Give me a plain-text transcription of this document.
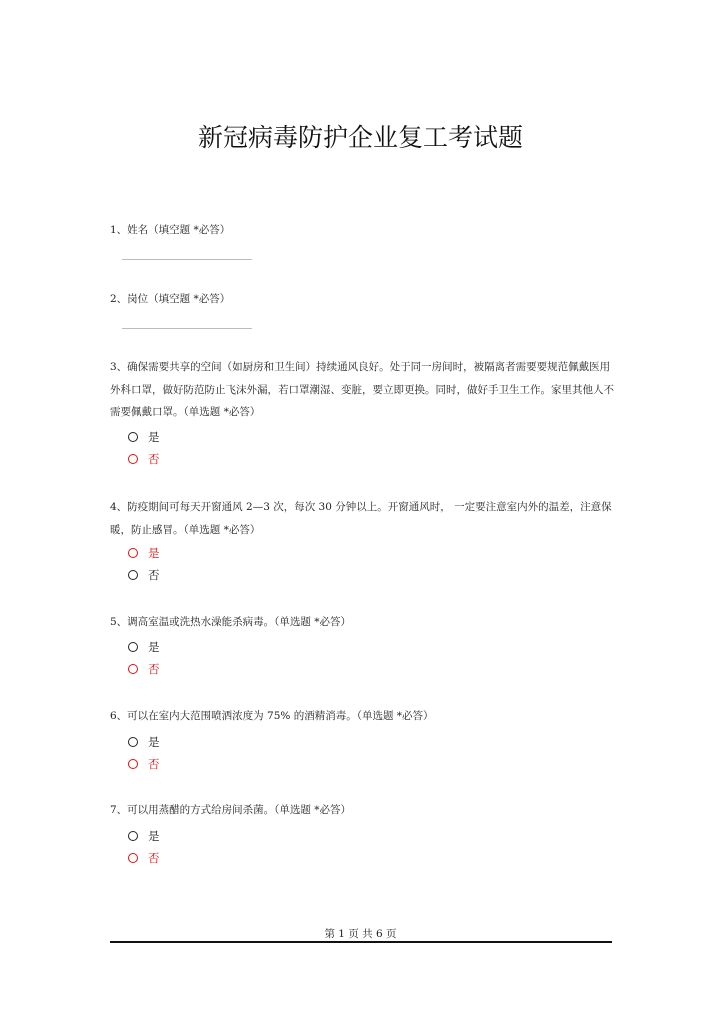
新冠病毒防护企业复工考试题
1、姓名（填空题 *必答）
2、岗位（填空题 *必答）
3、确保需要共享的空间（如厨房和卫生间）持续通风良好。处于同一房间时，被隔离者需要要规范佩戴医用外科口罩，做好防范防止飞沫外漏，若口罩潮湿、变脏，要立即更换。同时，做好手卫生工作。家里其他人不需要佩戴口罩。（单选题 *必答）
是
否
4、防疫期间可每天开窗通风 2—3 次，每次 30 分钟以上。开窗通风时， 一定要注意室内外的温差，注意保暖，防止感冒。（单选题 *必答）
是
否
5、调高室温或洗热水澡能杀病毒。（单选题 *必答）
是
否
6、可以在室内大范围喷洒浓度为 75% 的酒精消毒。（单选题 *必答）
是
否
7、可以用蒸醋的方式给房间杀菌。（单选题 *必答）
是
否
第 1 页 共 6 页
